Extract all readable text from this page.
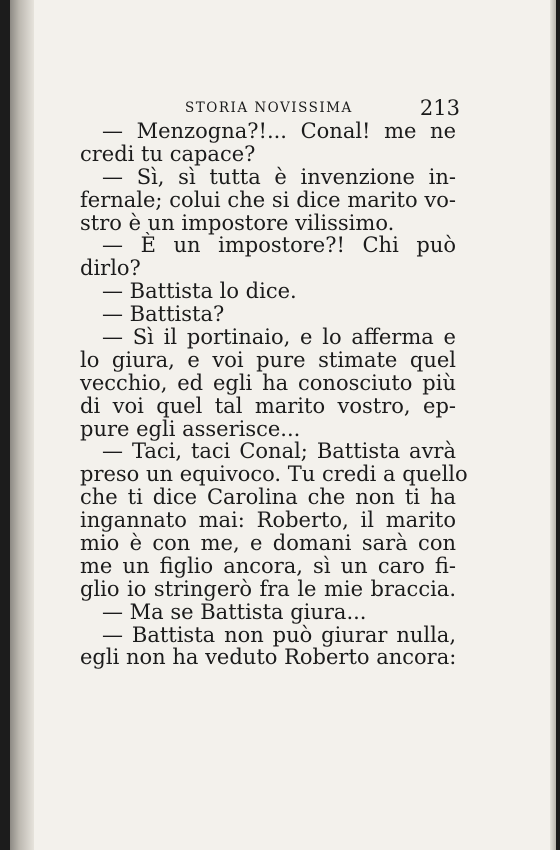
STORIA NOVISSIMA	213
— Menzogna?!... Conal! me ne
credi tu capace?
— Sì, sì tutta è invenzione in-
fernale; colui che si dice marito vo-
stro è un impostore vilissimo.
— È un impostore?! Chi può
dirlo?
— Battista lo dice.
— Battista?
— Sì il portinaio, e lo afferma e
lo giura, e voi pure stimate quel
vecchio, ed egli ha conosciuto più
di voi quel tal marito vostro, ep-
pure egli asserisce...
— Taci, taci Conal; Battista avrà
preso un equivoco. Tu credi a quello
che ti dice Carolina che non ti ha
ingannato mai: Roberto, il marito
mio è con me, e domani sarà con
me un figlio ancora, sì un caro fi-
glio io stringerò fra le mie braccia.
— Ma se Battista giura...
— Battista non può giurar nulla,
egli non ha veduto Roberto ancora:
